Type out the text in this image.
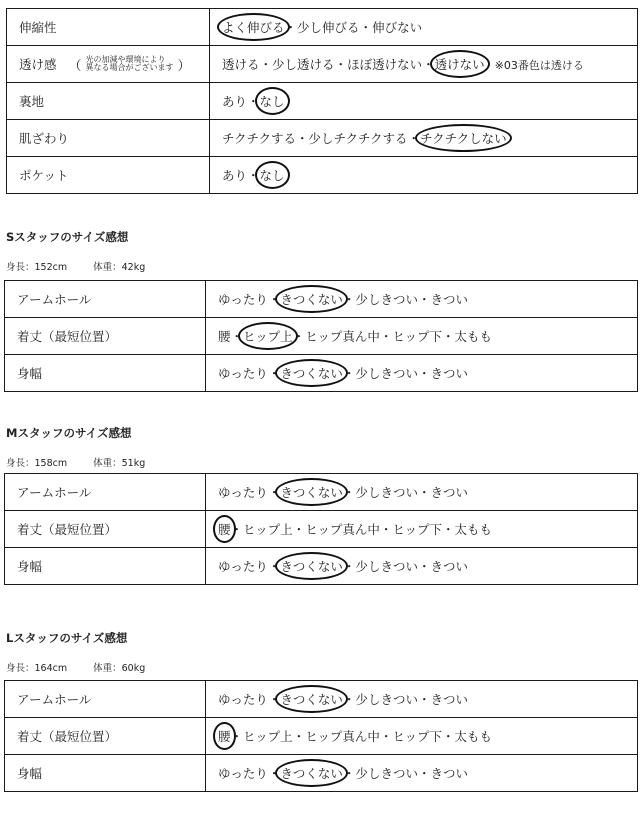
伸縮性	よく伸びる・少し伸びる・伸びない
透け感 （ 光の加減や環境により
異なる場合がございます ）	透ける・少し透ける・ほぼ透けない・透けない ※03番色は透ける
裏地	あり・なし
肌ざわり	チクチクする・少しチクチクする・チクチクしない
ポケット	あり・なし
Sスタッフのサイズ感想
身長：152cm	体重：42kg
アームホール	ゆったり・きつくない・少しきつい・きつい
着丈（最短位置）	腰・ヒップ上・ヒップ真ん中・ヒップ下・太もも
身幅	ゆったり・きつくない・少しきつい・きつい
Mスタッフのサイズ感想
身長：158cm	体重：51kg
アームホール	ゆったり・きつくない・少しきつい・きつい
着丈（最短位置）	腰・ヒップ上・ヒップ真ん中・ヒップ下・太もも
身幅	ゆったり・きつくない・少しきつい・きつい
Lスタッフのサイズ感想
身長：164cm	体重：60kg
アームホール	ゆったり・きつくない・少しきつい・きつい
着丈（最短位置）	腰・ヒップ上・ヒップ真ん中・ヒップ下・太もも
身幅	ゆったり・きつくない・少しきつい・きつい
